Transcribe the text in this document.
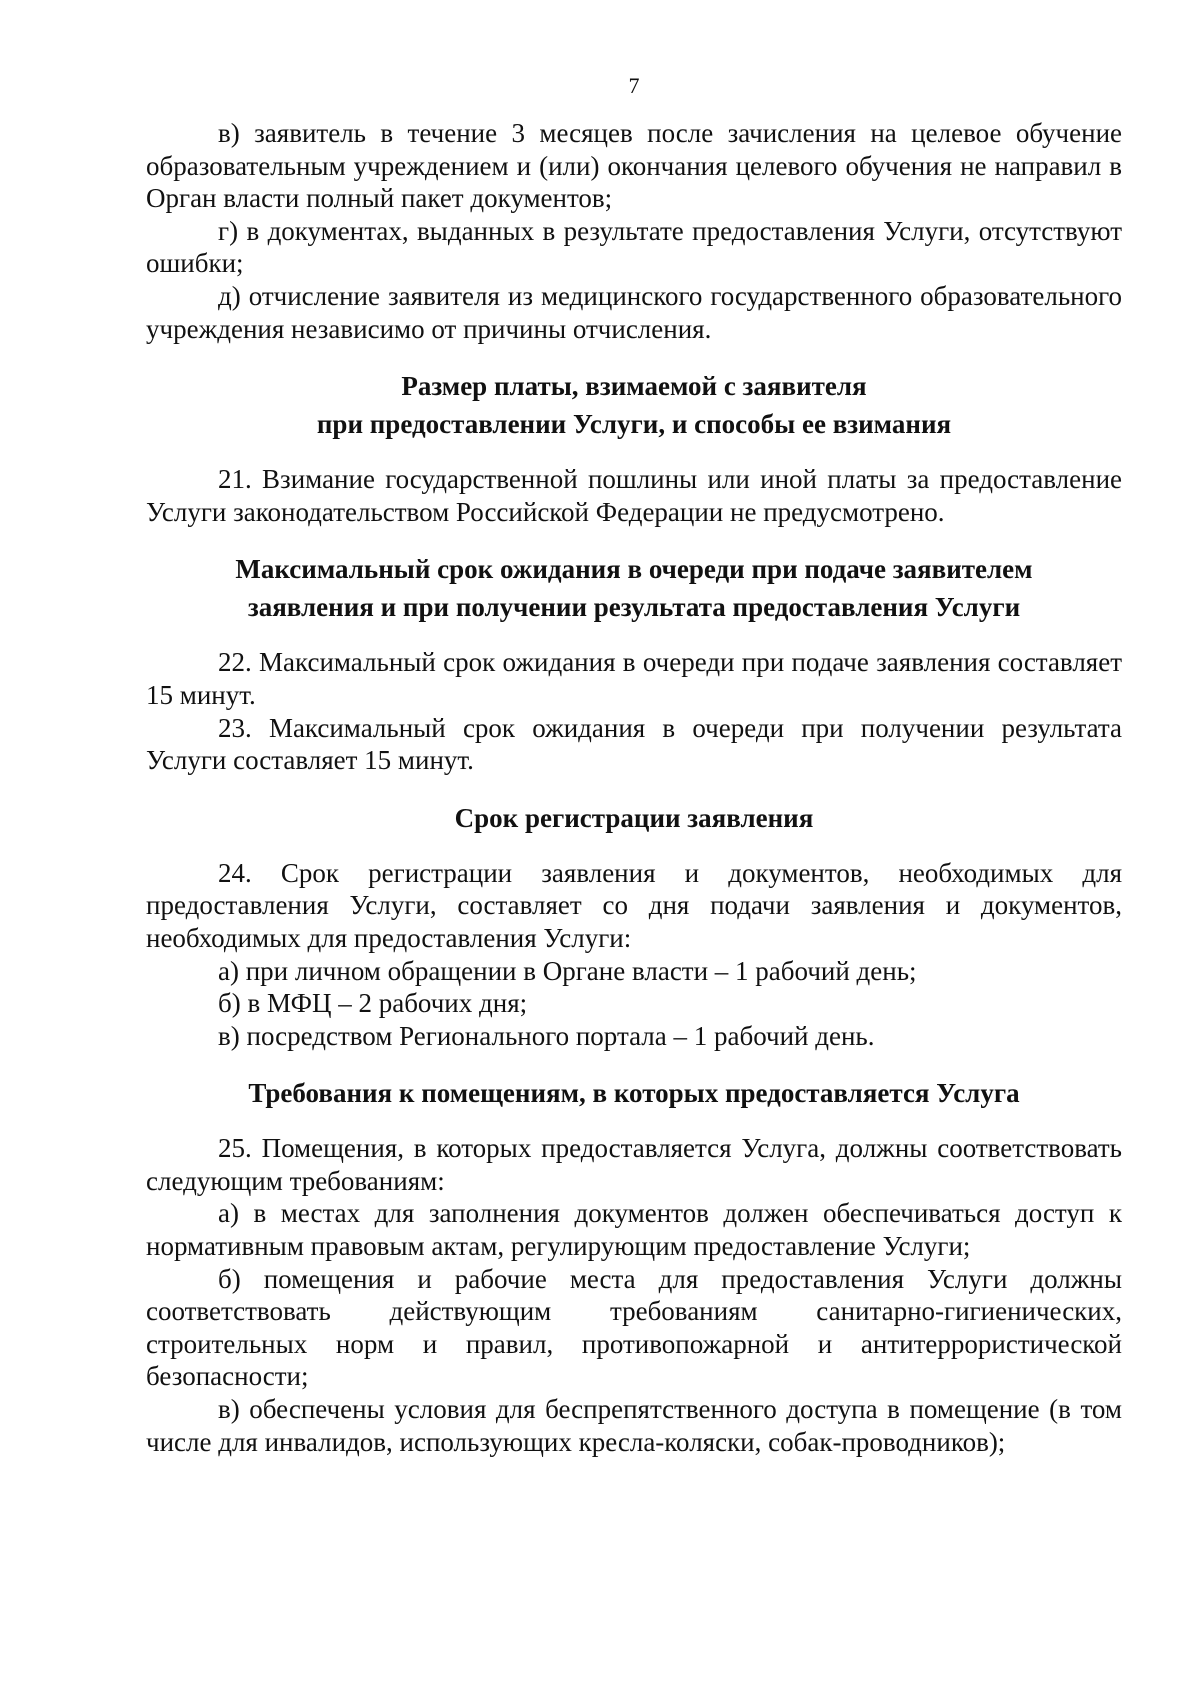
7

в) заявитель в течение 3 месяцев после зачисления на целевое обучение образовательным учреждением и (или) окончания целевого обучения не направил в Орган власти полный пакет документов;

г) в документах, выданных в результате предоставления Услуги, отсутствуют ошибки;

д) отчисление заявителя из медицинского государственного образовательного учреждения независимо от причины отчисления.

Размер платы, взимаемой с заявителя

при предоставлении Услуги, и способы ее взимания

21. Взимание государственной пошлины или иной платы за предоставление Услуги законодательством Российской Федерации не предусмотрено.

Максимальный срок ожидания в очереди при подаче заявителем

заявления и при получении результата предоставления Услуги

22. Максимальный срок ожидания в очереди при подаче заявления составляет 15 минут.

23. Максимальный срок ожидания в очереди при получении результата Услуги составляет 15 минут.

Срок регистрации заявления

24. Срок регистрации заявления и документов, необходимых для предоставления Услуги, составляет со дня подачи заявления и документов, необходимых для предоставления Услуги:

а) при личном обращении в Органе власти – 1 рабочий день;

б) в МФЦ – 2 рабочих дня;

в) посредством Регионального портала – 1 рабочий день.

Требования к помещениям, в которых предоставляется Услуга

25. Помещения, в которых предоставляется Услуга, должны соответствовать следующим требованиям:

а) в местах для заполнения документов должен обеспечиваться доступ к нормативным правовым актам, регулирующим предоставление Услуги;

б) помещения и рабочие места для предоставления Услуги должны соответствовать действующим требованиям санитарно-гигиенических, строительных норм и правил, противопожарной и антитеррористической безопасности;

в) обеспечены условия для беспрепятственного доступа в помещение (в том числе для инвалидов, использующих кресла-коляски, собак-проводников);
